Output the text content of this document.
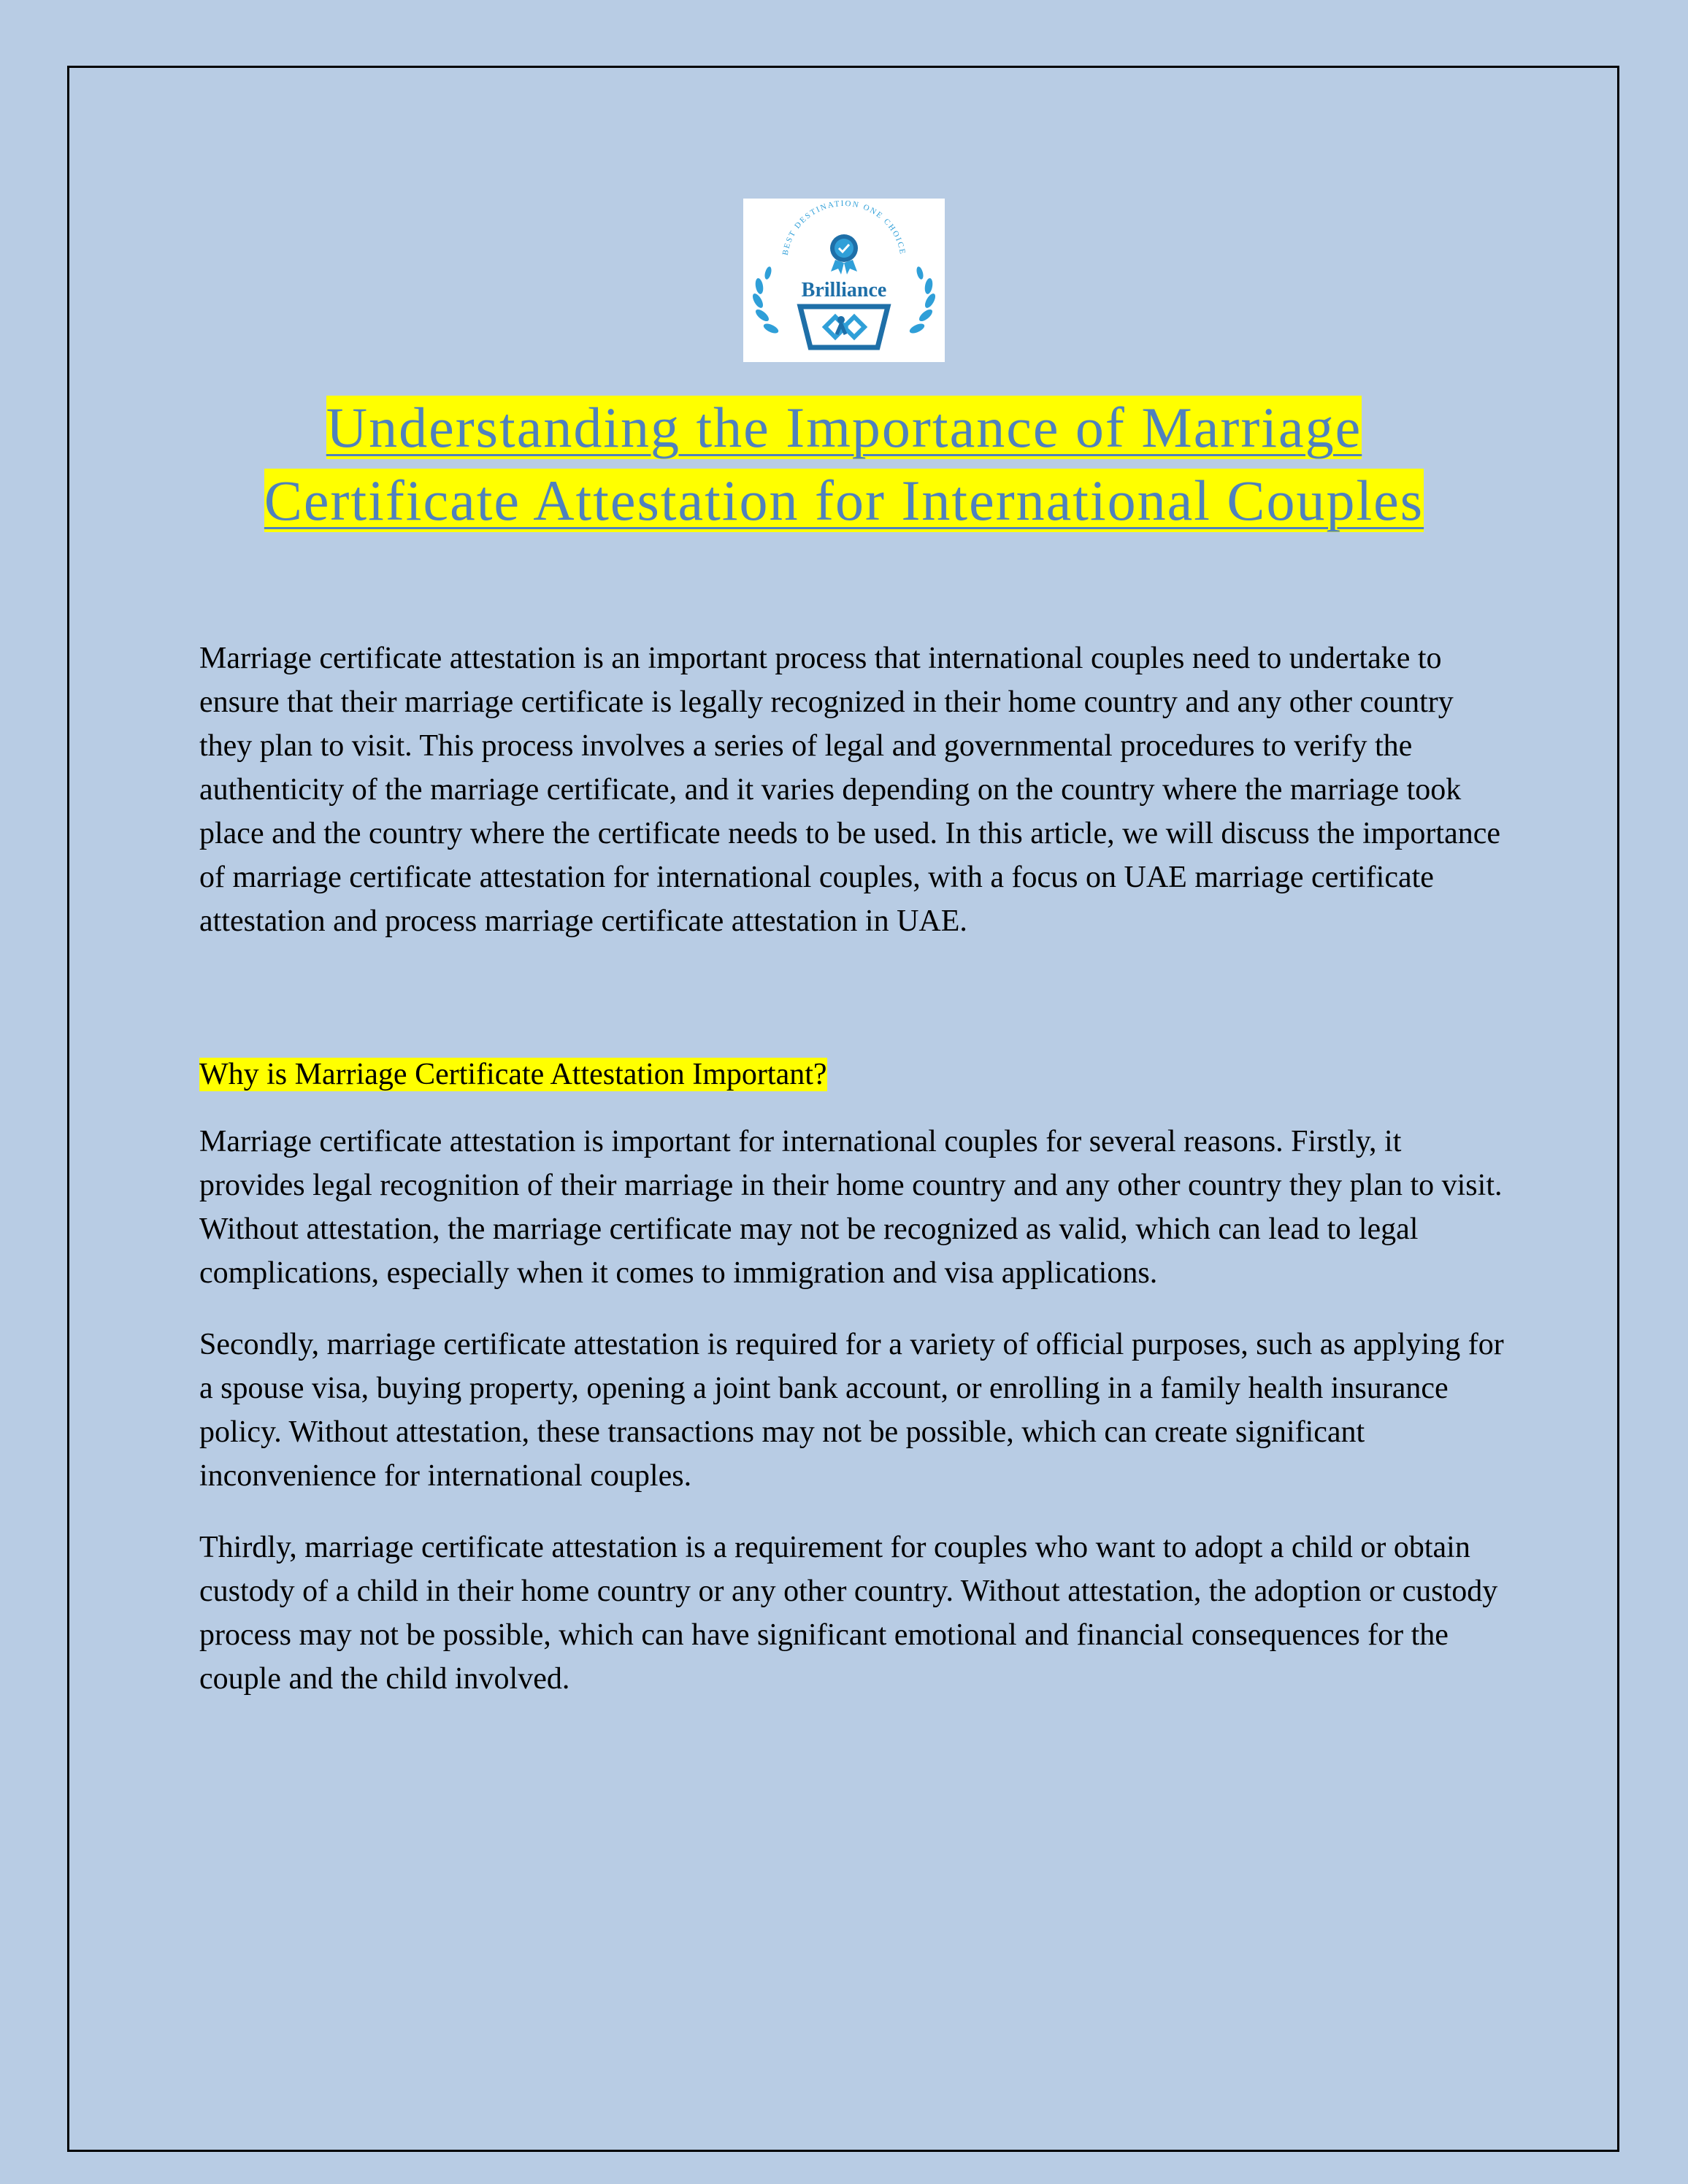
BEST DESTINATION ONE CHOICE
Brilliance
Understanding the Importance of Marriage
Certificate Attestation for International Couples

Marriage certificate attestation is an important process that international couples need to undertake to ensure that their marriage certificate is legally recognized in their home country and any other country they plan to visit. This process involves a series of legal and governmental procedures to verify the authenticity of the marriage certificate, and it varies depending on the country where the marriage took place and the country where the certificate needs to be used. In this article, we will discuss the importance of marriage certificate attestation for international couples, with a focus on UAE marriage certificate attestation and process marriage certificate attestation in UAE.

Why is Marriage Certificate Attestation Important?

Marriage certificate attestation is important for international couples for several reasons. Firstly, it provides legal recognition of their marriage in their home country and any other country they plan to visit. Without attestation, the marriage certificate may not be recognized as valid, which can lead to legal complications, especially when it comes to immigration and visa applications.

Secondly, marriage certificate attestation is required for a variety of official purposes, such as applying for a spouse visa, buying property, opening a joint bank account, or enrolling in a family health insurance policy. Without attestation, these transactions may not be possible, which can create significant inconvenience for international couples.

Thirdly, marriage certificate attestation is a requirement for couples who want to adopt a child or obtain custody of a child in their home country or any other country. Without attestation, the adoption or custody process may not be possible, which can have significant emotional and financial consequences for the couple and the child involved.
